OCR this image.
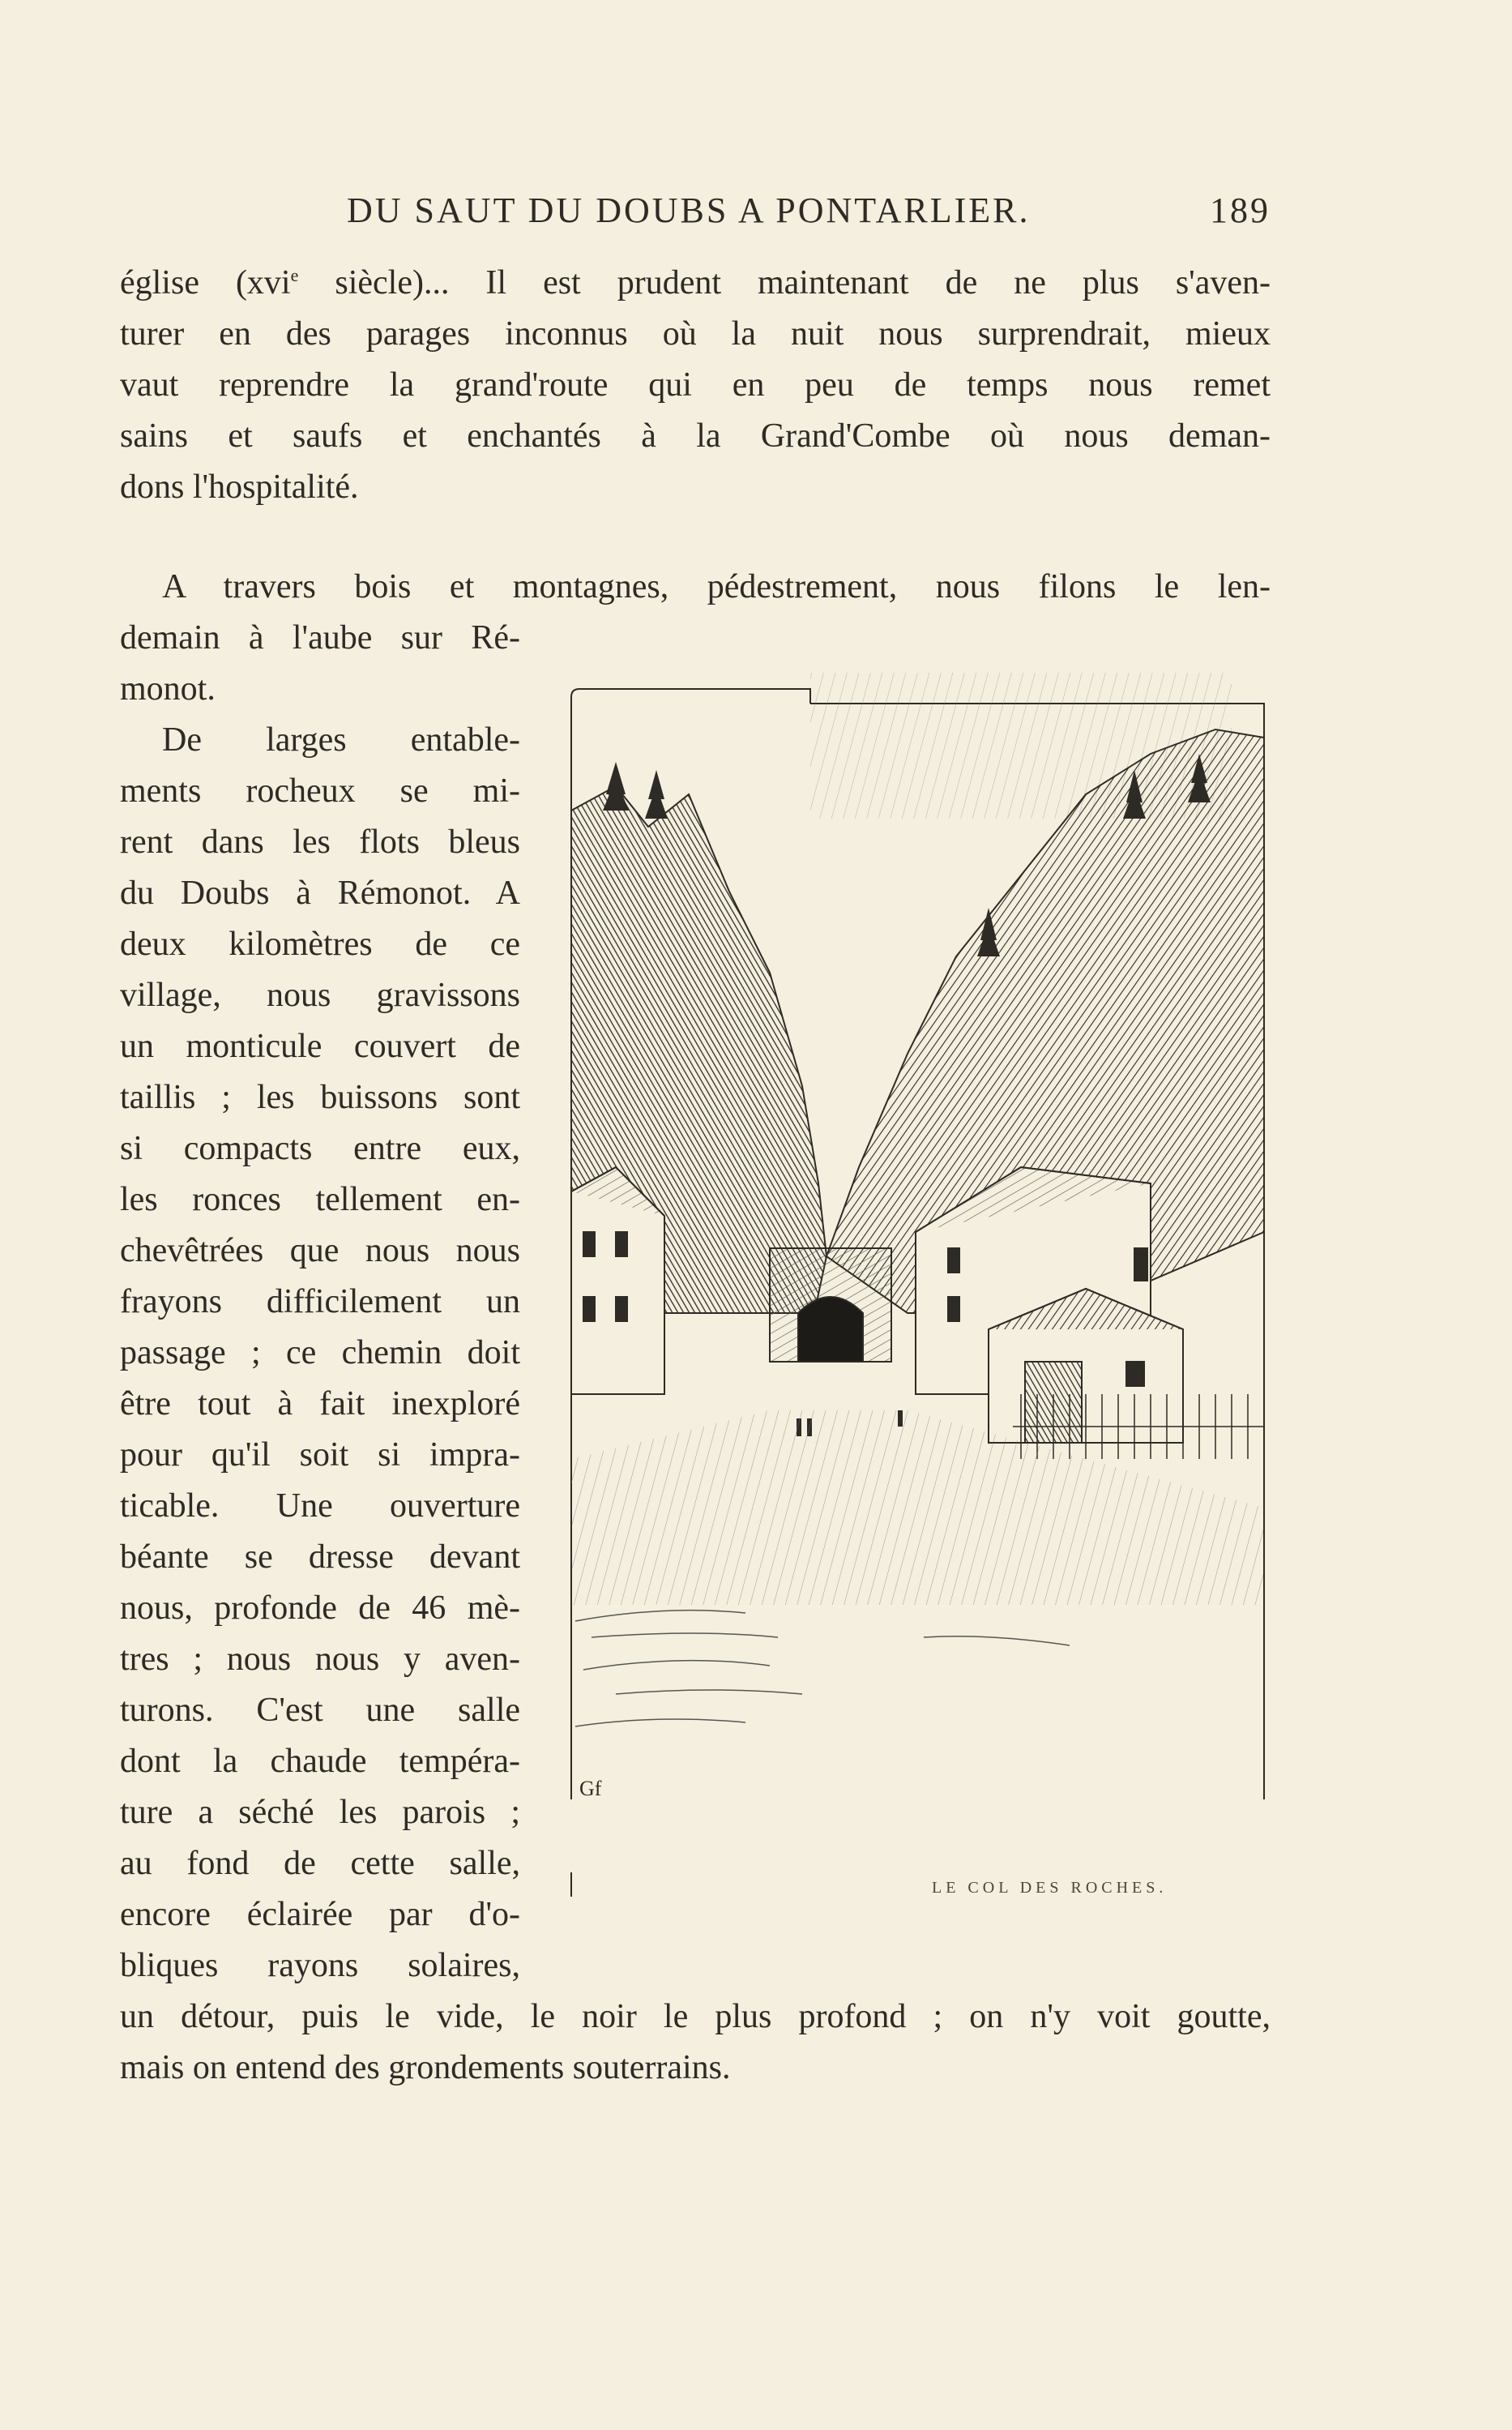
DU SAUT DU DOUBS A PONTARLIER.	189
église (xvi$^e$ siècle)... Il est prudent maintenant de ne plus s'aven-
turer en des parages inconnus où la nuit nous surprendrait, mieux
vaut reprendre la grand'route qui en peu de temps nous remet
sains et saufs et enchantés à la Grand'Combe où nous deman-
dons l'hospitalité.
A travers bois et montagnes, pédestrement, nous filons le len-
demain à l'aube sur Ré-
monot.
De larges entable-
ments rocheux se mi-
rent dans les flots bleus
du Doubs à Rémonot. A
deux kilomètres de ce
village, nous gravissons
un monticule couvert de
taillis ; les buissons sont
si compacts entre eux,
les ronces tellement en-
chevêtrées que nous nous
frayons difficilement un
passage ; ce chemin doit
être tout à fait inexploré
pour qu'il soit si impra-
ticable. Une ouverture
béante se dresse devant
nous, profonde de 46 mè-
tres ; nous nous y aven-
turons. C'est une salle
dont la chaude tempéra-
ture a séché les parois ;
au fond de cette salle,
encore éclairée par d'o-
bliques rayons solaires,
un détour, puis le vide, le noir le plus profond ; on n'y voit goutte,
mais on entend des grondements souterrains.
Gf
LE COL DES ROCHES.
